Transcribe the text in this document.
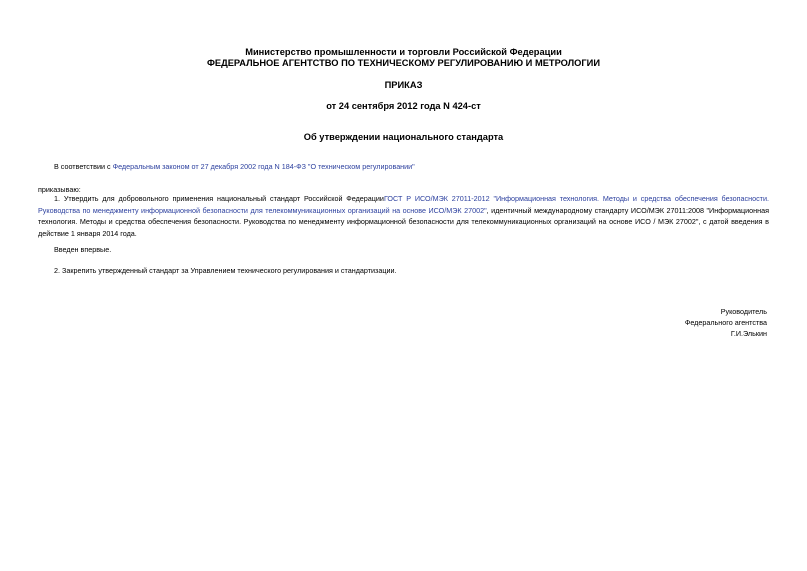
Министерство промышленности и торговли Российской Федерации
ФЕДЕРАЛЬНОЕ АГЕНТСТВО ПО ТЕХНИЧЕСКОМУ РЕГУЛИРОВАНИЮ И МЕТРОЛОГИИ
ПРИКАЗ
от 24 сентября 2012 года N 424-ст
Об утверждении национального стандарта
В соответствии с Федеральным законом от 27 декабря 2002 года N 184-ФЗ "О техническом регулировании"
приказываю:
1. Утвердить для добровольного применения национальный стандарт Российской ФедерацииГОСТ Р ИСО/МЭК 27011-2012 "Информационная технология. Методы и средства обеспечения безопасности. Руководства по менеджменту информационной безопасности для телекоммуникационных организаций на основе ИСО/МЭК 27002", идентичный международному стандарту ИСО/МЭК 27011:2008 "Информационная технология. Методы и средства обеспечения безопасности. Руководства по менеджменту информационной безопасности для телекоммуникационных организаций на основе ИСО / МЭК 27002", с датой введения в действие 1 января 2014 года.
Введен впервые.
2. Закрепить утвержденный стандарт за Управлением технического регулирования и стандартизации.
Руководитель
Федерального агентства
Г.И.Элькин
